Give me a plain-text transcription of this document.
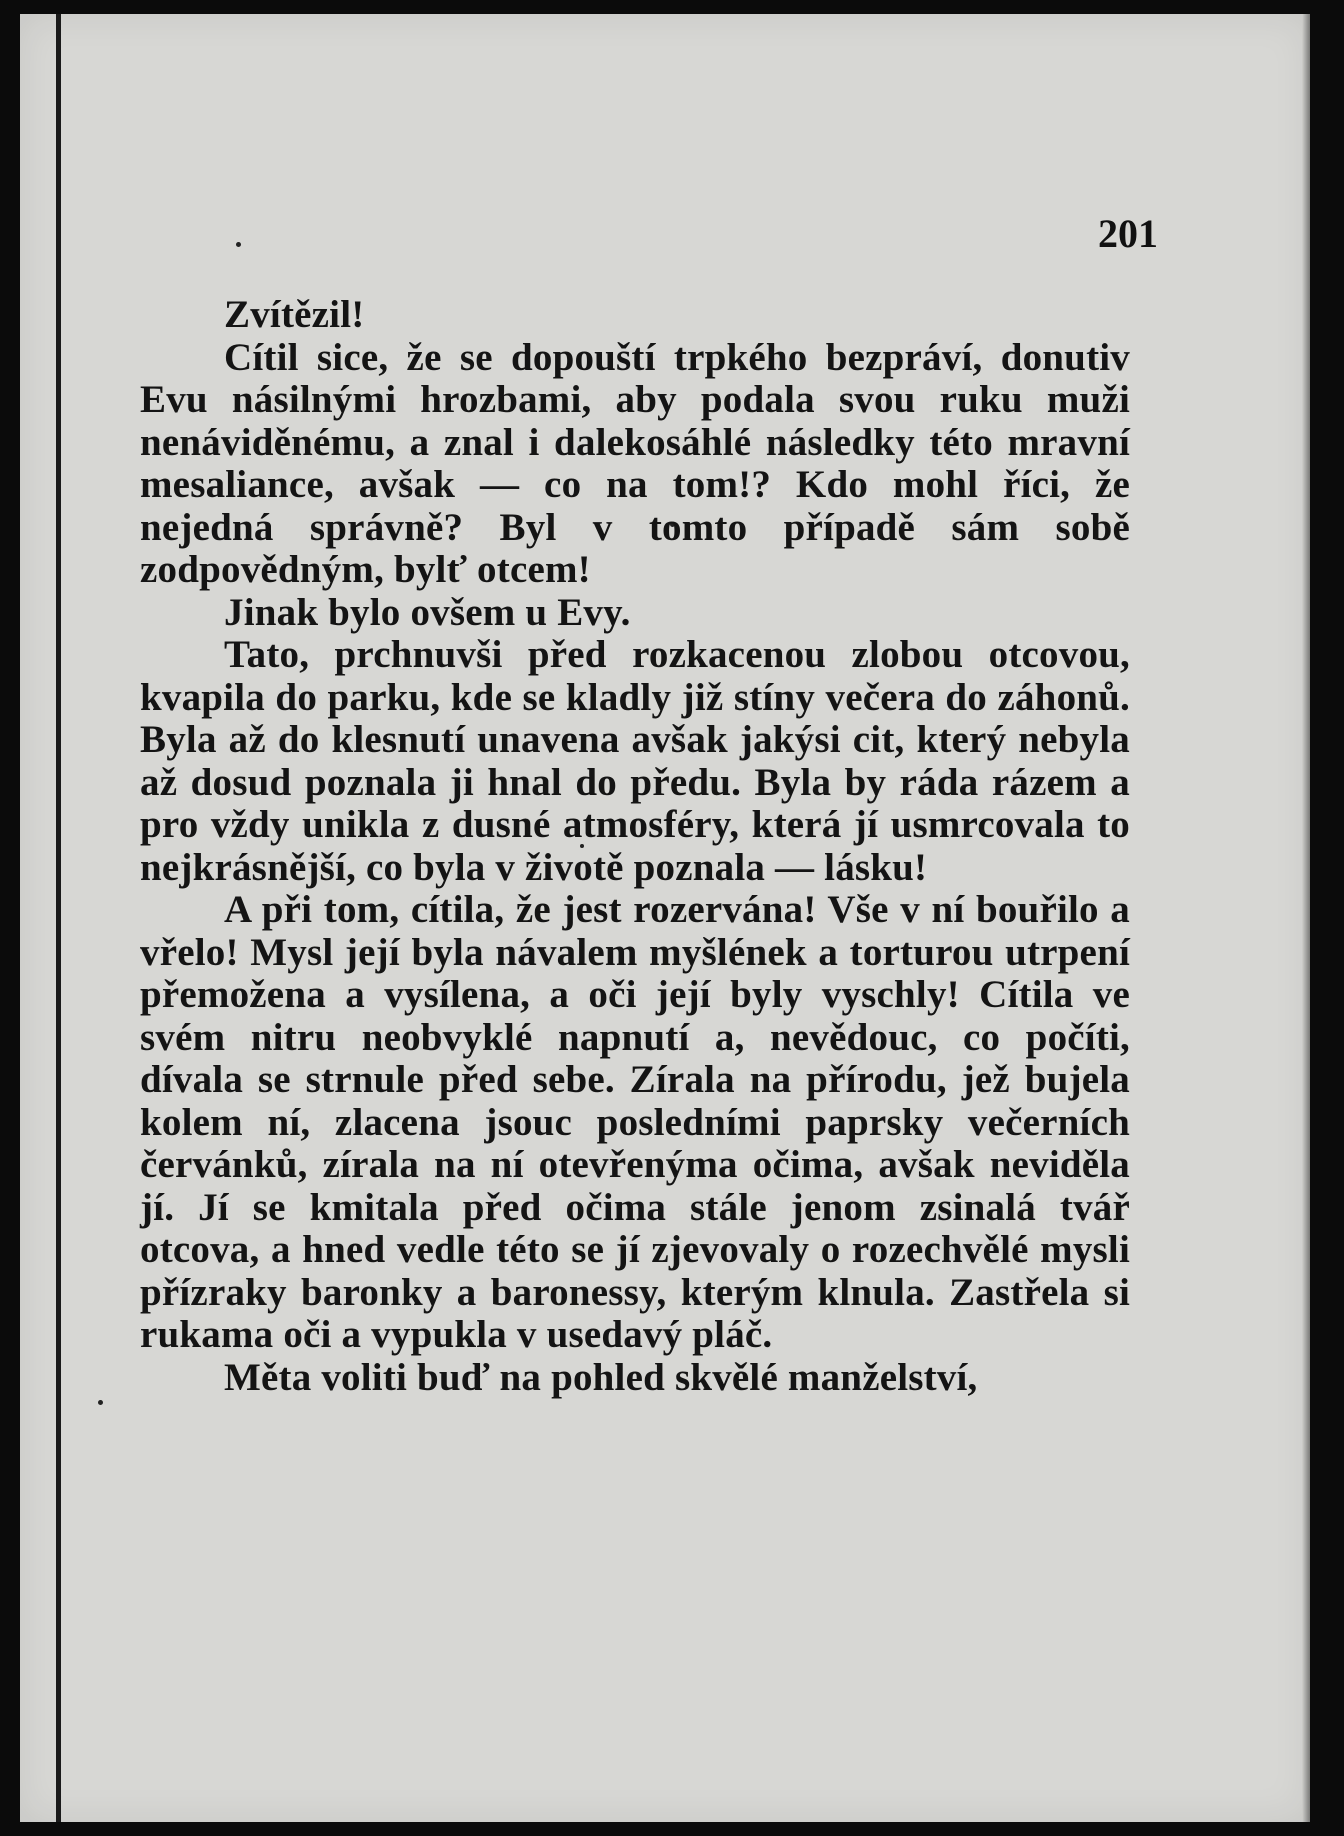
201

Zvítězil!

Cítil sice, že se dopouští trpkého bezpráví, donutiv Evu násilnými hrozbami, aby podala svou ruku muži nenáviděnému, a znal i dalekosáhlé následky této mravní mesaliance, avšak — co na tom!? Kdo mohl říci, že nejedná správně? Byl v tomto případě sám sobě zodpovědným, bylť otcem!

Jinak bylo ovšem u Evy.

Tato, prchnuvši před rozkacenou zlobou otcovou, kvapila do parku, kde se kladly již stíny večera do záhonů. Byla až do klesnutí unavena avšak jakýsi cit, který nebyla až dosud poznala ji hnal do předu. Byla by ráda rázem a pro vždy unikla z dusné atmosféry, která jí usmrcovala to nejkrásnější, co byla v životě poznala — lásku!

A při tom, cítila, že jest rozervána! Vše v ní bouřilo a vřelo! Mysl její byla návalem myšlének a torturou utrpení přemožena a vysílena, a oči její byly vyschly! Cítila ve svém nitru neobvyklé napnutí a, nevědouc, co počíti, dívala se strnule před sebe. Zírala na přírodu, jež bujela kolem ní, zlacena jsouc posledními paprsky večerních červánků, zírala na ní otevřenýma očima, avšak neviděla jí. Jí se kmitala před očima stále jenom zsinalá tvář otcova, a hned vedle této se jí zjevovaly o rozechvělé mysli přízraky baronky a baronessy, kterým klnula. Zastřela si rukama oči a vypukla v usedavý pláč.

Měta voliti buď na pohled skvělé manželství,
